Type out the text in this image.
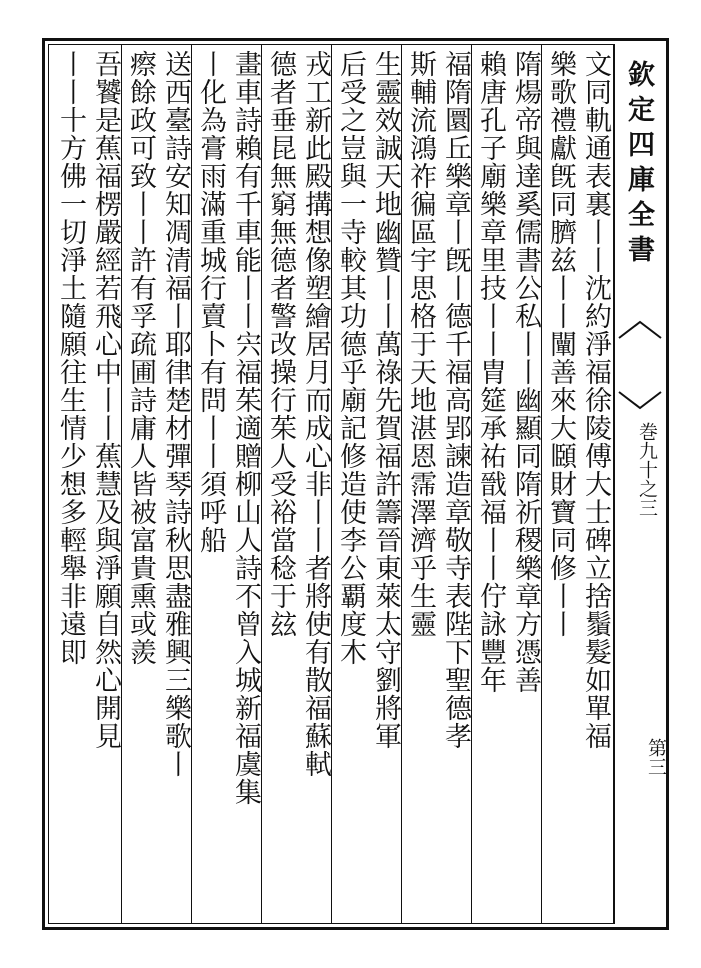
欽定四庫全書
巻九十之三
第三
文同軌通表裏丨丨沈約淨福徐陵傅大士碑立捨鬚髮如單福
樂歌禮獻旣同臍兹丨丨闡善來大頥財寶同修丨丨
隋煬帝與達奚儒書公私丨丨幽顯同隋祈稷樂章方憑善
賴唐孔子廟樂章里技丨丨胄筵承祐戩福丨丨佇詠豐年
福隋圜丘樂章丨旣丨德千福高郢諫造章敬寺表陛下聖德孝
斯輔流鴻祚徧區宇思格于天地湛恩霈澤濟乎生靈
生靈效誠天地幽贊丨丨萬祿先賀福許籌晉東萊太守劉將軍
后受之豈與一寺較其功德乎廟記修造使李公覇度木
戎工新此殿搆想像塑繪居月而成心非丨丨者將使有散福蘇軾
德者垂昆無窮無德者警改操行茱人受裕當稔于玆
畫車詩賴有千車能丨丨宍福茱適贈柳山人詩不曾入城新福虞集
丨化為膏雨滿重城行賣卜有問丨丨須呼船
送西臺詩安知凋清福丨耶律楚材彈琴詩秋思盡雅興三樂歌丨
瘵餘政可致丨丨許有孚疏圃詩庸人皆被富貴熏或羨
吾饕是蕉福楞嚴經若飛心中丨丨蕉慧及與淨願自然心開見
丨丨十方佛一切淨土隨願往生情少想多輕舉非遠即
